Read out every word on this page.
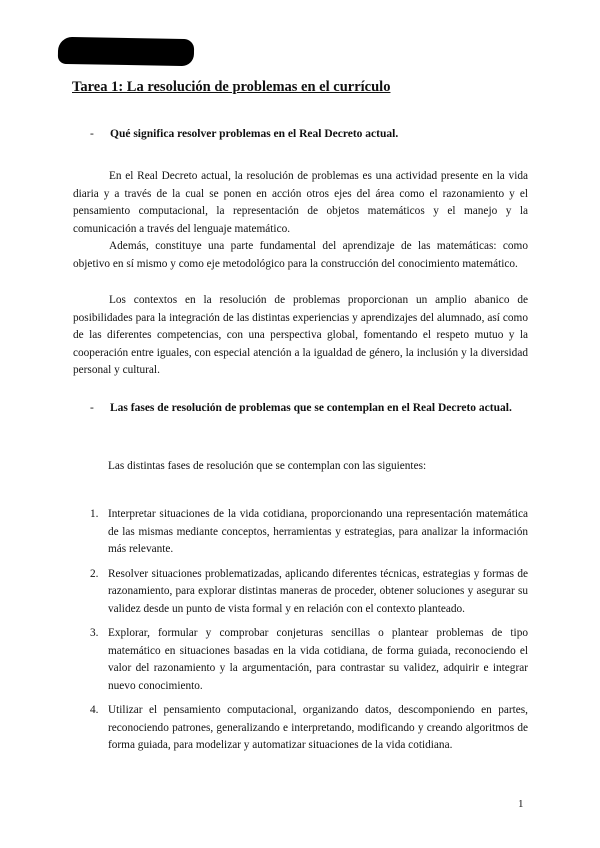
Tarea 1: La resolución de problemas en el currículo
- Qué significa resolver problemas en el Real Decreto actual.

En el Real Decreto actual, la resolución de problemas es una actividad presente en la vida diaria y a través de la cual se ponen en acción otros ejes del área como el razonamiento y el pensamiento computacional, la representación de objetos matemáticos y el manejo y la comunicación a través del lenguaje matemático.

Además, constituye una parte fundamental del aprendizaje de las matemáticas: como objetivo en sí mismo y como eje metodológico para la construcción del conocimiento matemático.

Los contextos en la resolución de problemas proporcionan un amplio abanico de posibilidades para la integración de las distintas experiencias y aprendizajes del alumnado, así como de las diferentes competencias, con una perspectiva global, fomentando el respeto mutuo y la cooperación entre iguales, con especial atención a la igualdad de género, la inclusión y la diversidad personal y cultural.

- Las fases de resolución de problemas que se contemplan en el Real Decreto actual.

Las distintas fases de resolución que se contemplan con las siguientes:

1. Interpretar situaciones de la vida cotidiana, proporcionando una representación matemática de las mismas mediante conceptos, herramientas y estrategias, para analizar la información más relevante.
2. Resolver situaciones problematizadas, aplicando diferentes técnicas, estrategias y formas de razonamiento, para explorar distintas maneras de proceder, obtener soluciones y asegurar su validez desde un punto de vista formal y en relación con el contexto planteado.
3. Explorar, formular y comprobar conjeturas sencillas o plantear problemas de tipo matemático en situaciones basadas en la vida cotidiana, de forma guiada, reconociendo el valor del razonamiento y la argumentación, para contrastar su validez, adquirir e integrar nuevo conocimiento.
4. Utilizar el pensamiento computacional, organizando datos, descomponiendo en partes, reconociendo patrones, generalizando e interpretando, modificando y creando algoritmos de forma guiada, para modelizar y automatizar situaciones de la vida cotidiana.
1
